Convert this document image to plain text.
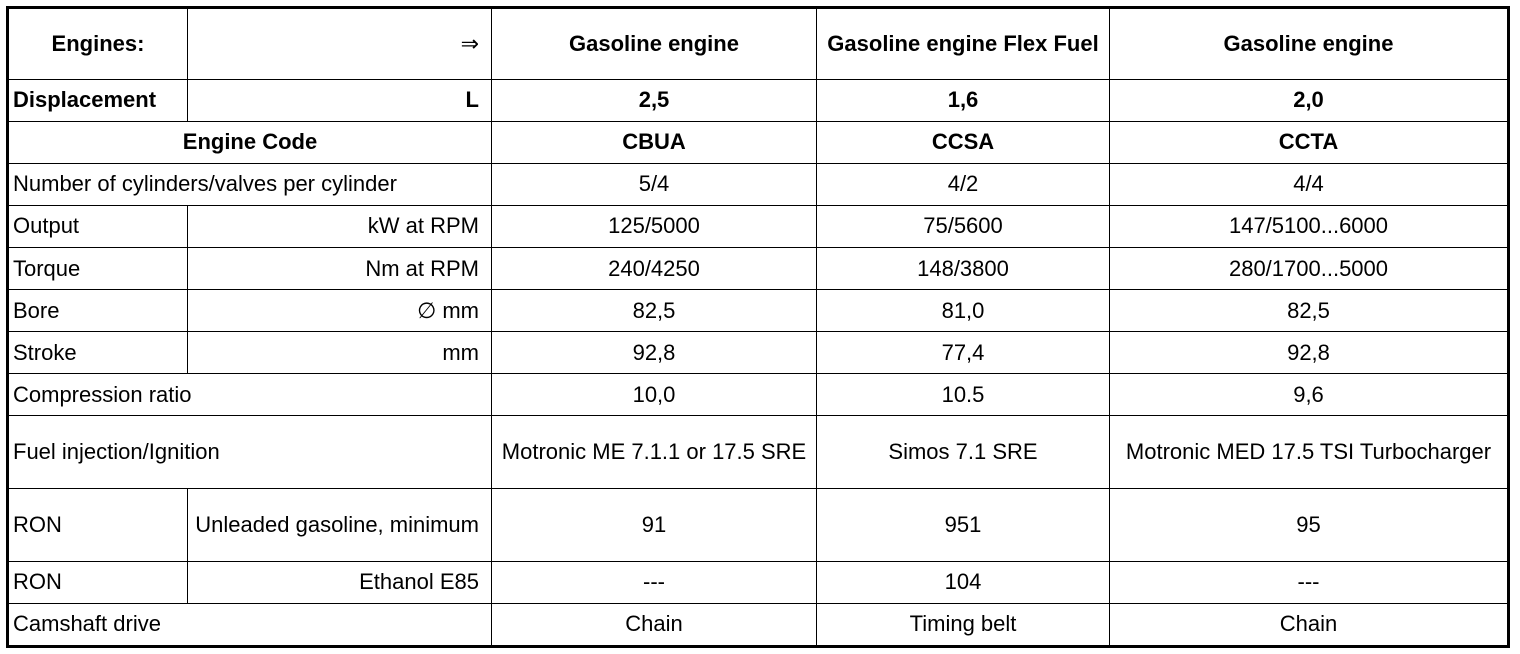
Engines:	⇒	Gasoline engine	Gasoline engine Flex Fuel	Gasoline engine
Displacement	L	2,5	1,6	2,0
Engine Code		CBUA	CCSA	CCTA
Number of cylinders/valves per cylinder		5/4	4/2	4/4
Output	kW at RPM	125/5000	75/5600	147/5100...6000
Torque	Nm at RPM	240/4250	148/3800	280/1700...5000
Bore	∅ mm	82,5	81,0	82,5
Stroke	mm	92,8	77,4	92,8
Compression ratio		10,0	10.5	9,6
Fuel injection/Ignition		Motronic ME 7.1.1 or 17.5 SRE	Simos 7.1 SRE	Motronic MED 17.5 TSI Turbocharger
RON	Unleaded gasoline, minimum	91	951	95
RON	Ethanol E85	---	104	---
Camshaft drive		Chain	Timing belt	Chain
